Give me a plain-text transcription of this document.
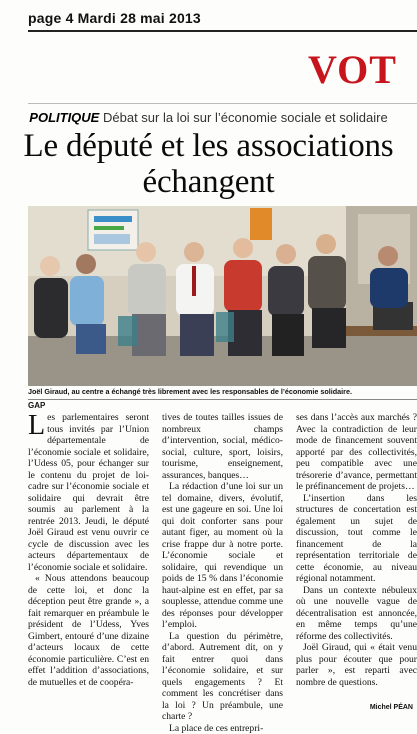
page 4 Mardi 28 mai 2013
VOT
POLITIQUE Débat sur la loi sur l’économie sociale et solidaire
Le député et les associations
échangent
Joël Giraud, au centre a échangé très librement avec les responsables de l’économie solidaire.
GAP

Les parlementaires seront tous invités par l’Union départementale de l’économie sociale et solidaire, l’Udess 05, pour échanger sur le contenu du projet de loi-cadre sur l’économie sociale et solidaire qui devrait être soumis au parlement à la rentrée 2013. Jeudi, le député Joël Giraud est venu ouvrir ce cycle de discussion avec les acteurs départementaux de l’économie sociale et solidaire.

« Nous attendons beaucoup de cette loi, et donc la déception peut être grande », a fait remarquer en préambule le président de l’Udess, Yves Gimbert, entouré d’une dizaine d’acteurs locaux de cette économie particulière. C’est en effet l’addition d’associations, de mutuelles et de coopéra-

tives de toutes tailles issues de nombreux champs d’intervention, social, médico-social, culture, sport, loisirs, tourisme, enseignement, assurances, banques…

La rédaction d’une loi sur un tel domaine, divers, évolutif, est une gageure en soi. Une loi qui doit conforter sans pour autant figer, au moment où la crise frappe dur à notre porte. L’économie sociale et solidaire, qui revendique un poids de 15 % dans l’économie haut-alpine est en effet, par sa souplesse, attendue comme une des réponses pour développer l’emploi.

La question du périmètre, d’abord. Autrement dit, on y fait entrer quoi dans l’économie solidaire, et sur quels engagements ? Et comment les concrétiser dans la loi ? Un préambule, une charte ?

La place de ces entrepri-

ses dans l’accès aux marchés ? Avec la contradiction de leur mode de financement souvent apporté par des collectivités, peu compatible avec une trésorerie d’avance, permettant le préfinancement de projets…

L’insertion dans les structures de concertation est également un sujet de discussion, tout comme le financement de la représentation territoriale de cette économie, au niveau régional notamment.

Dans un contexte nébuleux où une nouvelle vague de décentralisation est annoncée, en même temps qu’une réforme des collectivités.

Joël Giraud, qui « était venu plus pour écouter que pour parler », est reparti avec nombre de questions.

Michel PÉAN
